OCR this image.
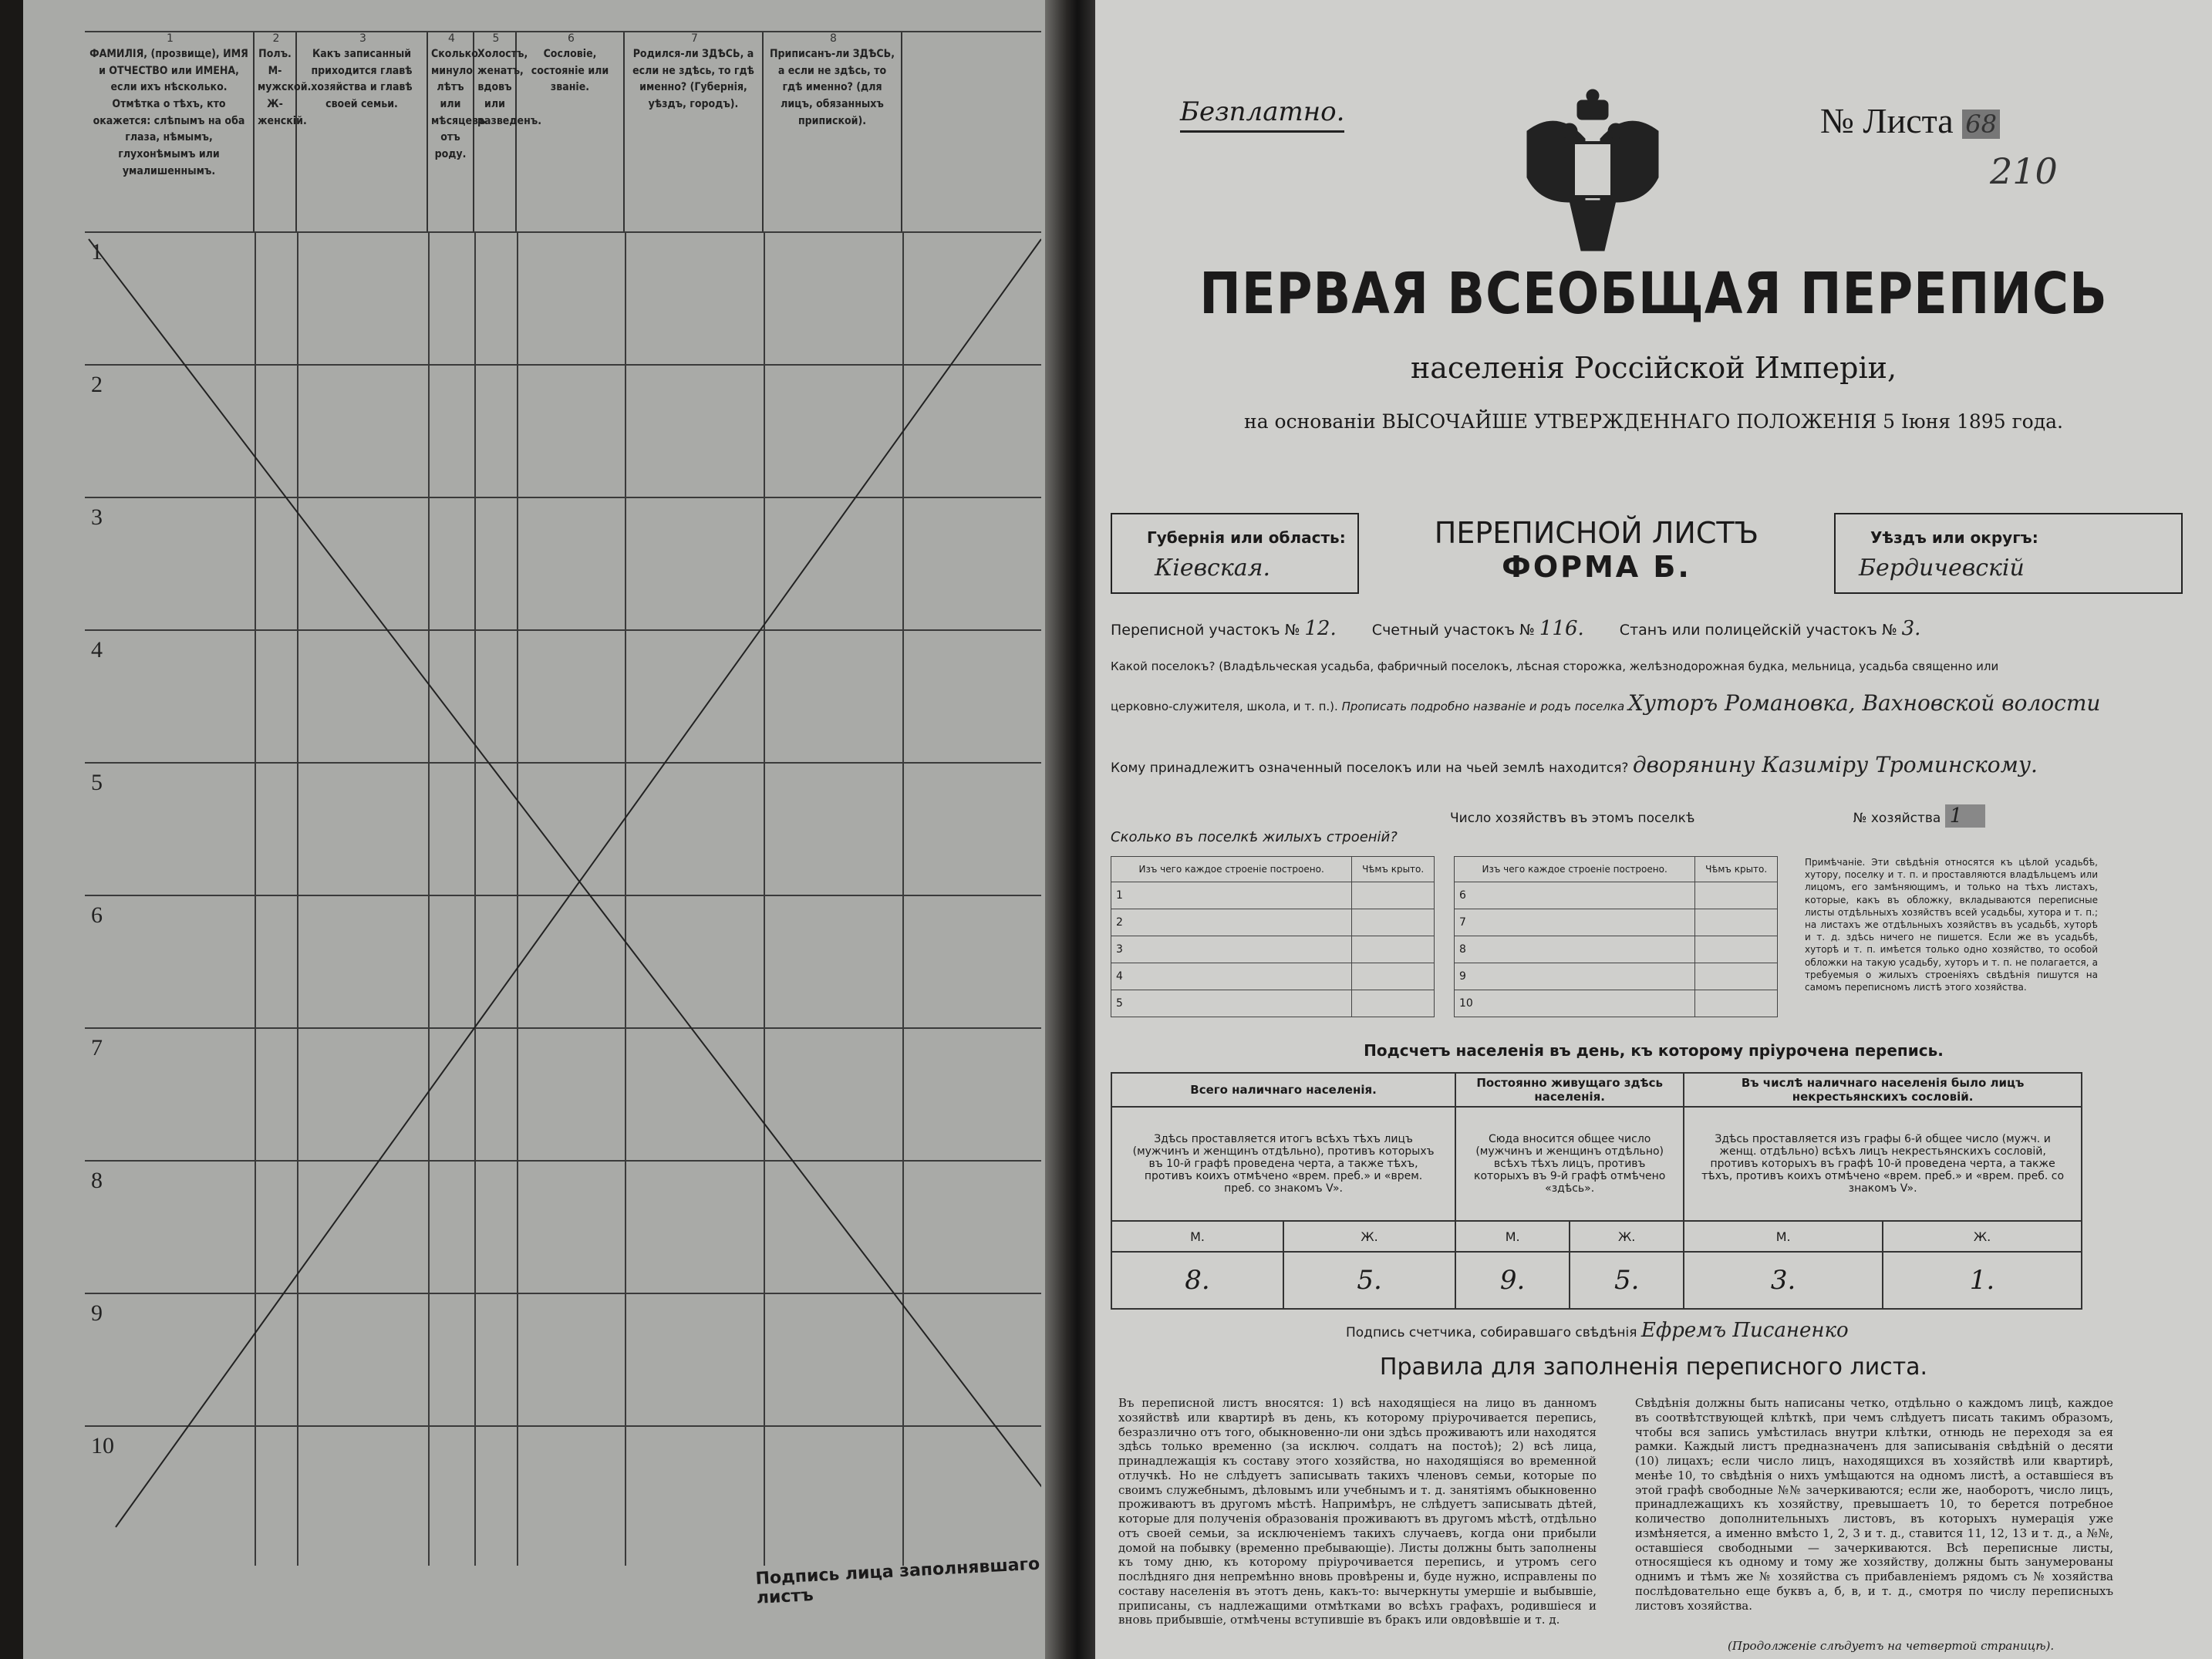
ФАМИЛІЯ, (прозвище), ИМЯ и ОТЧЕСТВО или ИМЕНА, если ихъ нѣсколько. Отмѣтка о тѣхъ, кто окажется: слѣпымъ на оба глаза, нѣмымъ, глухонѣмымъ или умалишеннымъ.
1
Полъ. М-мужской. Ж-женскій.
2
Какъ записанный приходится главѣ хозяйства и главѣ своей семьи.
3
Сколько минуло лѣтъ или мѣсяцевъ отъ роду.
4
Холостъ, женатъ, вдовъ или разведенъ.
5
Сословіе, состояніе или званіе.
6
Родился-ли ЗДѢСЬ, а если не здѣсь, то гдѣ именно? (Губернія, уѣздъ, городъ).
7
Приписанъ-ли ЗДѢСЬ, а если не здѣсь, то гдѣ именно? (для лицъ, обязанныхъ припиской).
8
1
2
3
4
5
6
7
8
9
10
Подпись лица заполнявшаго листъ
Безплатно.	№ Листа 68
210
ПЕРВАЯ ВСЕОБЩАЯ ПЕРЕПИСЬ
населенія Россійской Имперіи,
на основаніи ВЫСОЧАЙШЕ УТВЕРЖДЕННАГО ПОЛОЖЕНІЯ 5 Іюня 1895 года.
Губернія или область:
Кіевская.
ПЕРЕПИСНОЙ ЛИСТЪ
ФОРМА Б.
Уѣздъ или округъ:
Бердичевскій
Переписной участокъ № 12. Счетный участокъ № 116. Станъ или полицейскій участокъ № 3.
Какой поселокъ? (Владѣльческая усадьба, фабричный поселокъ, лѣсная сторожка, желѣзнодорожная будка, мельница, усадьба священно или
церковно-служителя, школа, и т. п.). Прописать подробно названіе и родъ поселка Хуторъ Романовка, Вахновской волости
Кому принадлежитъ означенный поселокъ или на чьей землѣ находится? дворянину Казиміру Троминскому.
Число хозяйствъ въ этомъ поселкѣ	№ хозяйства 1
Сколько въ поселкѣ жилыхъ строеній?
Изъ чего каждое строеніе построено.	Чѣмъ крыто.
1	
2	
3	
4	
5	
Изъ чего каждое строеніе построено.	Чѣмъ крыто.
6	
7	
8	
9	
10	
Примѣчаніе. Эти свѣдѣнія относятся къ цѣлой усадьбѣ, хутору, поселку и т. п. и проставляются владѣльцемъ или лицомъ, его замѣняющимъ, и только на тѣхъ листахъ, которые, какъ въ обложку, вкладываются переписные листы отдѣльныхъ хозяйствъ всей усадьбы, хутора и т. п.; на листахъ же отдѣльныхъ хозяйствъ въ усадьбѣ, хуторѣ и т. д. здѣсь ничего не пишется. Если же въ усадьбѣ, хуторѣ и т. п. имѣется только одно хозяйство, то особой обложки на такую усадьбу, хуторъ и т. п. не полагается, а требуемыя о жилыхъ строеніяхъ свѣдѣнія пишутся на самомъ переписномъ листѣ этого хозяйства.
Подсчетъ населенія въ день, къ которому пріурочена перепись.
Всего наличнаго населенія.		Постоянно живущаго здѣсь населенія.		Въ числѣ наличнаго населенія было лицъ некрестьянскихъ сословій.	
Здѣсь проставляется итогъ всѣхъ тѣхъ лицъ (мужчинъ и женщинъ отдѣльно), противъ которыхъ въ 10-й графѣ проведена черта, а также тѣхъ, противъ коихъ отмѣчено «врем. преб.» и «врем. преб. со знакомъ V».		Сюда вносится общее число (мужчинъ и женщинъ отдѣльно) всѣхъ тѣхъ лицъ, противъ которыхъ въ 9-й графѣ отмѣчено «здѣсь».		Здѣсь проставляется изъ графы 6-й общее число (мужч. и женщ. отдѣльно) всѣхъ лицъ некрестьянскихъ сословій, противъ которыхъ въ графѣ 10-й проведена черта, а также тѣхъ, противъ коихъ отмѣчено «врем. преб.» и «врем. преб. со знакомъ V».	
М.	Ж.	М.	Ж.	М.	Ж.
8.	5.	9.	5.	3.	1.
Подпись счетчика, собиравшаго свѣдѣнія Ефремъ Писаненко
Правила для заполненія переписного листа.
Въ переписной листъ вносятся: 1) всѣ находящіеся на лицо въ данномъ хозяйствѣ или квартирѣ въ день, къ которому пріурочивается перепись, безразлично отъ того, обыкновенно-ли они здѣсь проживаютъ или находятся здѣсь только временно (за исключ. солдатъ на постоѣ); 2) всѣ лица, принадлежащія къ составу этого хозяйства, но находящіяся во временной отлучкѣ. Но не слѣдуетъ записывать такихъ членовъ семьи, которые по своимъ служебнымъ, дѣловымъ или учебнымъ и т. д. занятіямъ обыкновенно проживаютъ въ другомъ мѣстѣ. Напримѣръ, не слѣдуетъ записывать дѣтей, которые для полученія образованія проживаютъ въ другомъ мѣстѣ, отдѣльно отъ своей семьи, за исключеніемъ такихъ случаевъ, когда они прибыли домой на побывку (временно пребывающіе). Листы должны быть заполнены къ тому дню, къ которому пріурочивается перепись, и утромъ сего послѣдняго дня непремѣнно вновь провѣрены и, буде нужно, исправлены по составу населенія въ этотъ день, какъ-то: вычеркнуты умершіе и выбывшіе, приписаны, съ надлежащими отмѣтками во всѣхъ графахъ, родившіеся и вновь прибывшіе, отмѣчены вступившіе въ бракъ или овдовѣвшіе и т. д.
Свѣдѣнія должны быть написаны четко, отдѣльно о каждомъ лицѣ, каждое въ соотвѣтствующей клѣткѣ, при чемъ слѣдуетъ писать такимъ образомъ, чтобы вся запись умѣстилась внутри клѣтки, отнюдь не переходя за ея рамки. Каждый листъ предназначенъ для записыванія свѣдѣній о десяти (10) лицахъ; если число лицъ, находящихся въ хозяйствѣ или квартирѣ, менѣе 10, то свѣдѣнія о нихъ умѣщаются на одномъ листѣ, а оставшіеся въ этой графѣ свободные №№ зачеркиваются; если же, наоборотъ, число лицъ, принадлежащихъ къ хозяйству, превышаетъ 10, то берется потребное количество дополнительныхъ листовъ, въ которыхъ нумерація уже измѣняется, а именно вмѣсто 1, 2, 3 и т. д., ставится 11, 12, 13 и т. д., а №№, оставшіеся свободными — зачеркиваются. Всѣ переписные листы, относящіеся къ одному и тому же хозяйству, должны быть занумерованы однимъ и тѣмъ же № хозяйства съ прибавленіемъ рядомъ съ № хозяйства послѣдовательно еще буквъ а, б, в, и т. д., смотря по числу переписныхъ листовъ хозяйства.
(Продолженіе слѣдуетъ на четвертой страницѣ).
